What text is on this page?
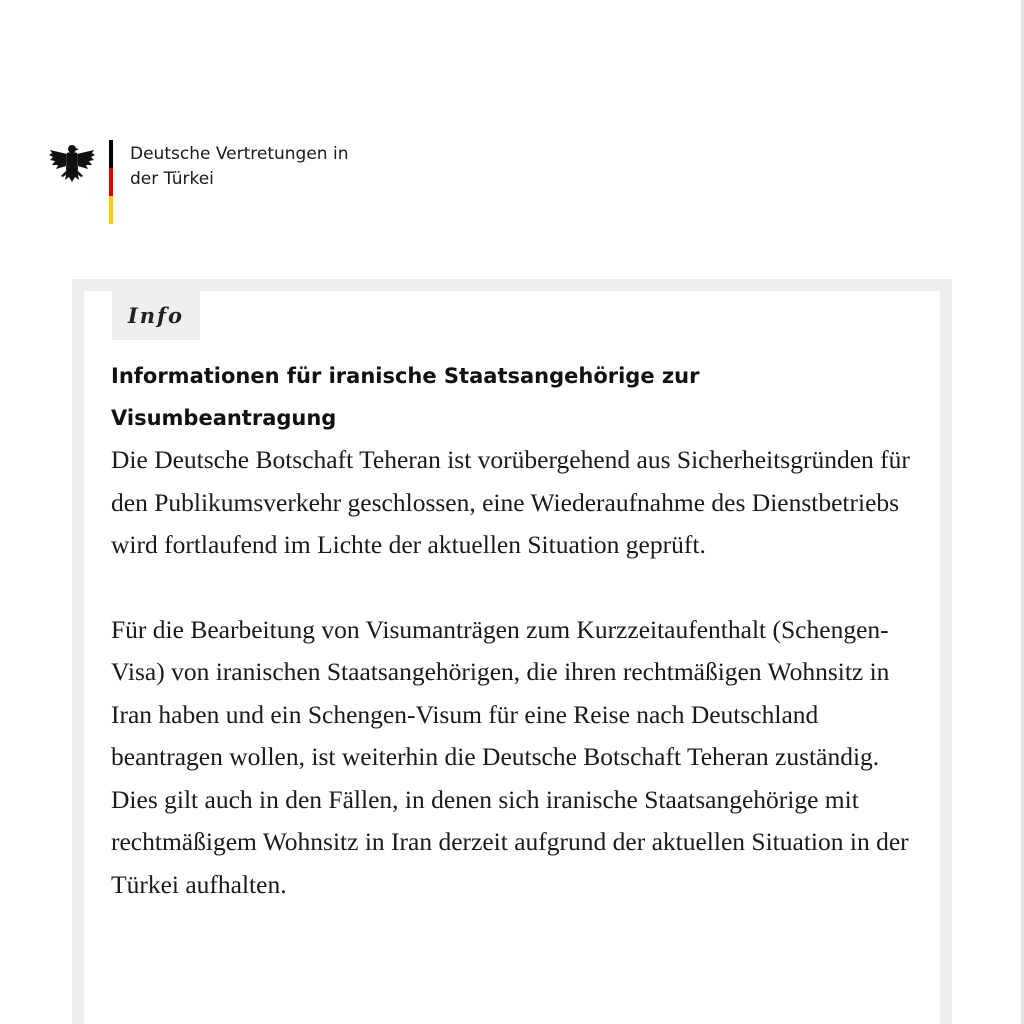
Deutsche Vertretungen in
der Türkei
Info
Informationen für iranische Staatsangehörige zur Visumbeantragung

Die Deutsche Botschaft Teheran ist vorübergehend aus Sicherheitsgründen für den Publikumsverkehr geschlossen, eine Wiederaufnahme des Dienstbetriebs wird fortlaufend im Lichte der aktuellen Situation geprüft.

Für die Bearbeitung von Visumanträgen zum Kurzzeitaufenthalt (Schengen-Visa) von iranischen Staatsangehörigen, die ihren rechtmäßigen Wohnsitz in Iran haben und ein Schengen-Visum für eine Reise nach Deutschland beantragen wollen, ist weiterhin die Deutsche Botschaft Teheran zuständig. Dies gilt auch in den Fällen, in denen sich iranische Staatsangehörige mit rechtmäßigem Wohnsitz in Iran derzeit aufgrund der aktuellen Situation in der Türkei aufhalten.
